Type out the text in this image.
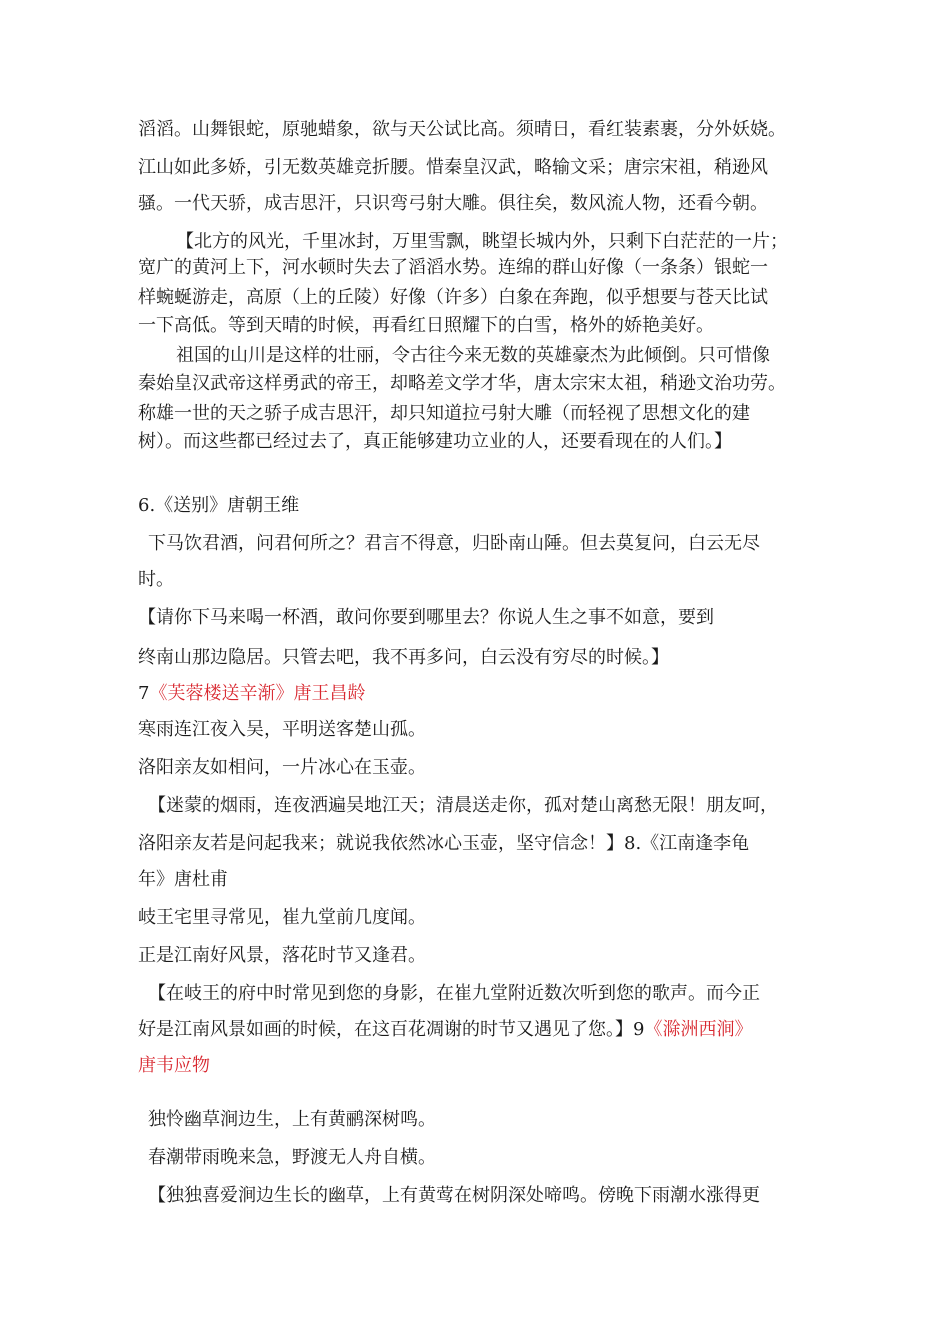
滔滔。山舞银蛇，原驰蜡象，欲与天公试比高。须晴日，看红装素裹，分外妖娆。
江山如此多娇，引无数英雄竞折腰。惜秦皇汉武，略输文采；唐宗宋祖，稍逊风
骚。一代天骄，成吉思汗，只识弯弓射大雕。俱往矣，数风流人物，还看今朝。
【北方的风光，千里冰封，万里雪飘，眺望长城内外，只剩下白茫茫的一片；
宽广的黄河上下，河水顿时失去了滔滔水势。连绵的群山好像（一条条）银蛇一
样蜿蜒游走，高原（上的丘陵）好像（许多）白象在奔跑，似乎想要与苍天比试
一下高低。等到天晴的时候，再看红日照耀下的白雪，格外的娇艳美好。
祖国的山川是这样的壮丽，令古往今来无数的英雄豪杰为此倾倒。只可惜像
秦始皇汉武帝这样勇武的帝王，却略差文学才华，唐太宗宋太祖，稍逊文治功劳。
称雄一世的天之骄子成吉思汗，却只知道拉弓射大雕（而轻视了思想文化的建
树）。而这些都已经过去了，真正能够建功立业的人，还要看现在的人们。】
6.《送别》唐朝王维
下马饮君酒，问君何所之？君言不得意，归卧南山陲。但去莫复问，白云无尽
时。
【请你下马来喝一杯酒，敢问你要到哪里去？你说人生之事不如意，要到
终南山那边隐居。只管去吧，我不再多问，白云没有穷尽的时候。】
7《芙蓉楼送辛渐》唐王昌龄
寒雨连江夜入吴，平明送客楚山孤。
洛阳亲友如相问，一片冰心在玉壶。
【迷蒙的烟雨，连夜洒遍吴地江天；清晨送走你，孤对楚山离愁无限！朋友呵，
洛阳亲友若是问起我来；就说我依然冰心玉壶，坚守信念！】8.《江南逢李龟
年》唐杜甫
岐王宅里寻常见，崔九堂前几度闻。
正是江南好风景，落花时节又逢君。
【在岐王的府中时常见到您的身影，在崔九堂附近数次听到您的歌声。而今正
好是江南风景如画的时候，在这百花凋谢的时节又遇见了您。】9《滁洲西涧》
唐韦应物
独怜幽草涧边生，上有黄鹂深树鸣。
春潮带雨晚来急，野渡无人舟自横。
【独独喜爱涧边生长的幽草，上有黄莺在树阴深处啼鸣。傍晚下雨潮水涨得更
